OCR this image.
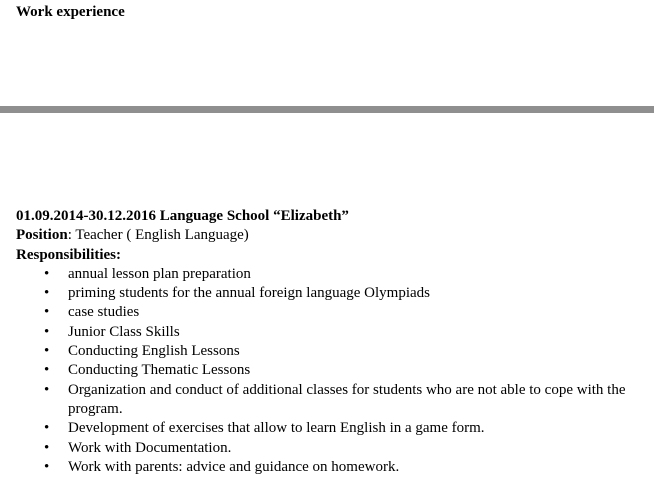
Work experience
01.09.2014-30.12.2016 Language School “Elizabeth”
Position: Teacher ( English Language)
Responsibilities:
• annual lesson plan preparation
• priming students for the annual foreign language Olympiads
• case studies
• Junior Class Skills
• Conducting English Lessons
• Conducting Thematic Lessons
• Organization and conduct of additional classes for students who are not able to cope with the program.
• Development of exercises that allow to learn English in a game form.
• Work with Documentation.
• Work with parents: advice and guidance on homework.
